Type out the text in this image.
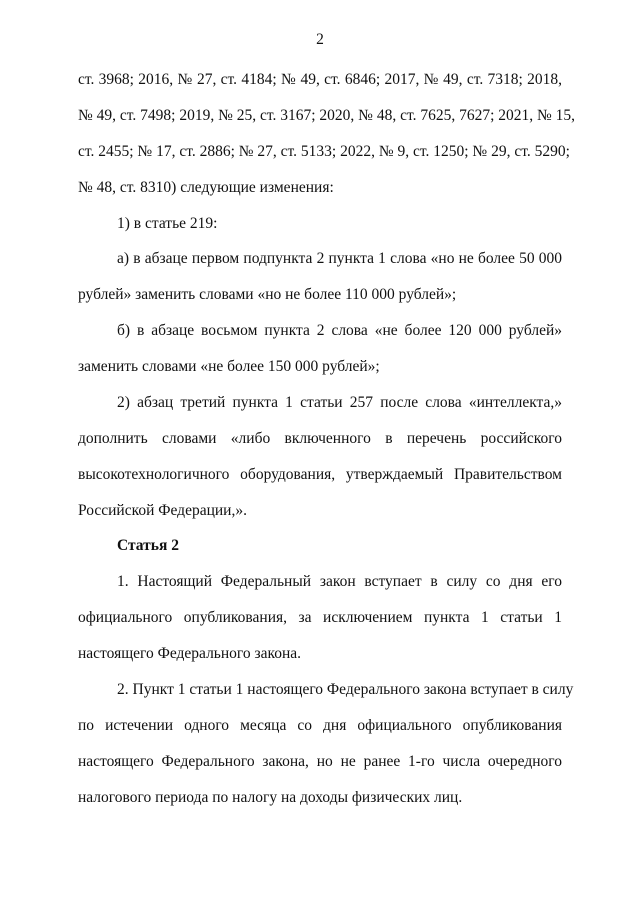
2
ст. 3968; 2016, № 27, ст. 4184; № 49, ст. 6846; 2017, № 49, ст. 7318; 2018,
№ 49, ст. 7498; 2019, № 25, ст. 3167; 2020, № 48, ст. 7625, 7627; 2021, № 15,
ст. 2455; № 17, ст. 2886; № 27, ст. 5133; 2022, № 9, ст. 1250; № 29, ст. 5290;
№ 48, ст. 8310) следующие изменения:
1) в статье 219:
а) в абзаце первом подпункта 2 пункта 1 слова «но не более 50 000
рублей» заменить словами «но не более 110 000 рублей»;
б) в абзаце восьмом пункта 2 слова «не более 120 000 рублей»
заменить словами «не более 150 000 рублей»;
2) абзац третий пункта 1 статьи 257 после слова «интеллекта,»
дополнить словами «либо включенного в перечень российского
высокотехнологичного оборудования, утверждаемый Правительством
Российской Федерации,».
Статья 2
1. Настоящий Федеральный закон вступает в силу со дня его
официального опубликования, за исключением пункта 1 статьи 1
настоящего Федерального закона.
2. Пункт 1 статьи 1 настоящего Федерального закона вступает в силу
по истечении одного месяца со дня официального опубликования
настоящего Федерального закона, но не ранее 1-го числа очередного
налогового периода по налогу на доходы физических лиц.
